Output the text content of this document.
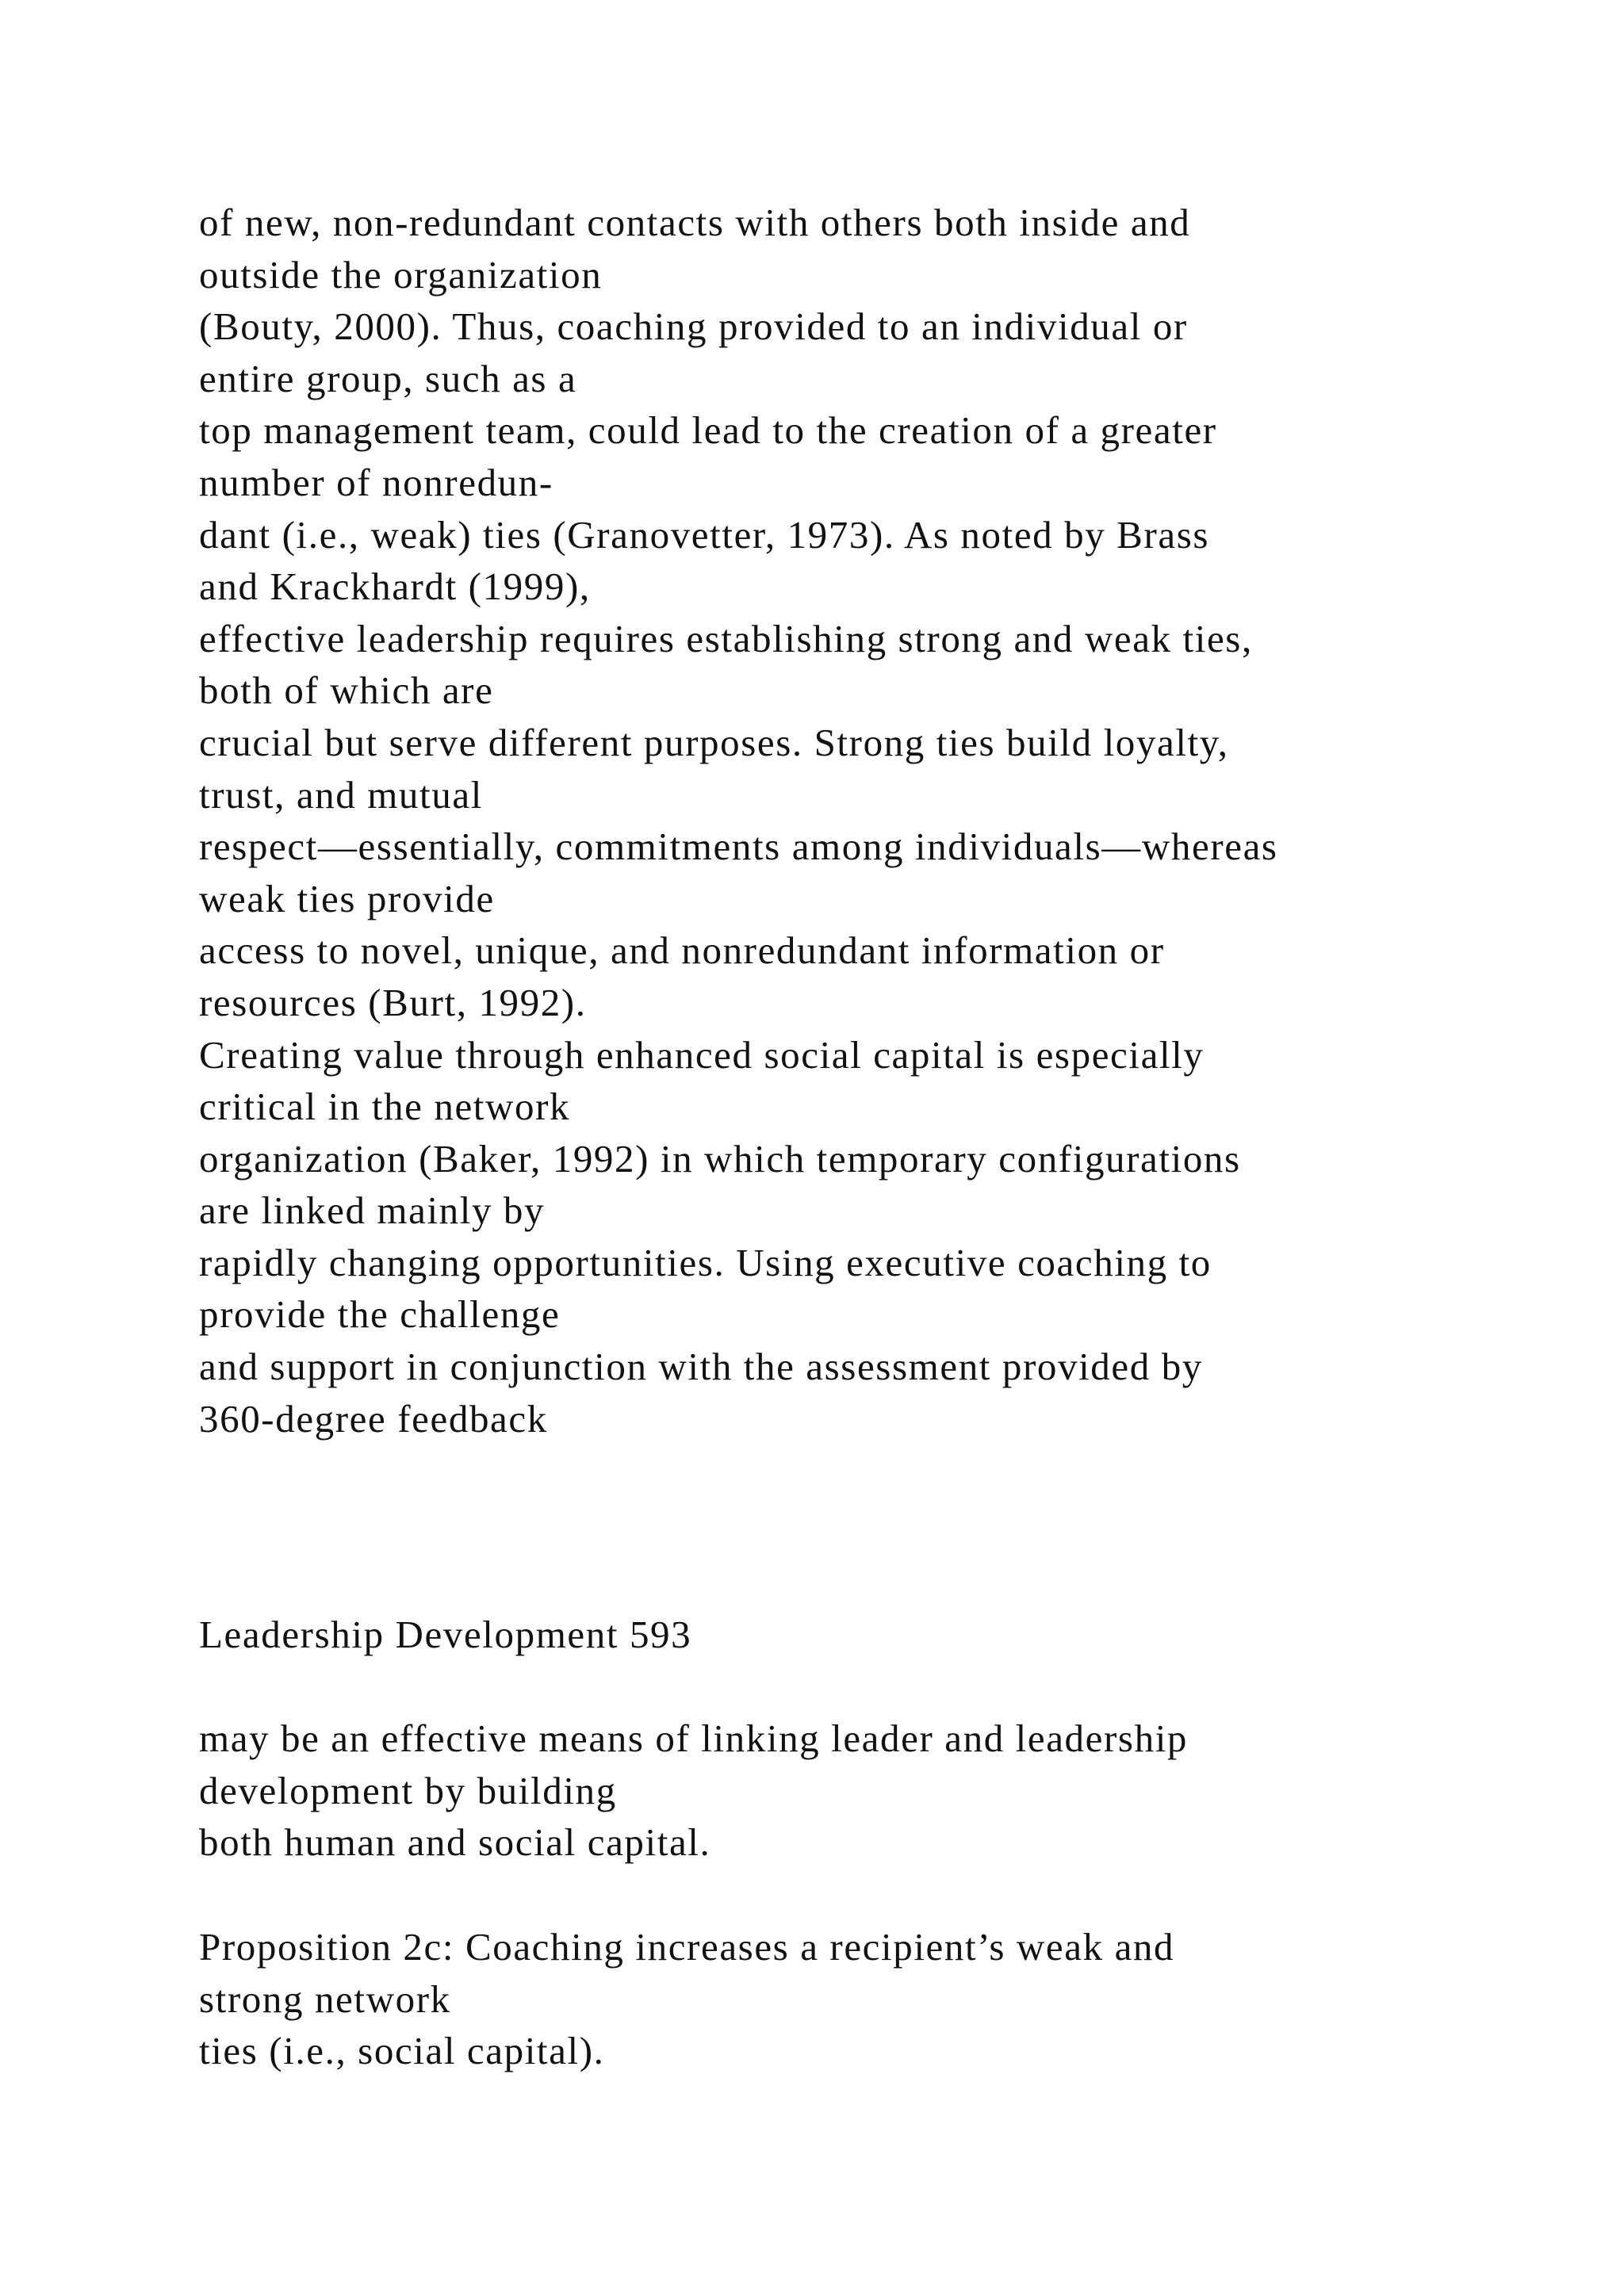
of new, non-redundant contacts with others both inside and
outside the organization
(Bouty, 2000). Thus, coaching provided to an individual or
entire group, such as a
top management team, could lead to the creation of a greater
number of nonredun-
dant (i.e., weak) ties (Granovetter, 1973). As noted by Brass
and Krackhardt (1999),
effective leadership requires establishing strong and weak ties,
both of which are
crucial but serve different purposes. Strong ties build loyalty,
trust, and mutual
respect—essentially, commitments among individuals—whereas
weak ties provide
access to novel, unique, and nonredundant information or
resources (Burt, 1992).
Creating value through enhanced social capital is especially
critical in the network
organization (Baker, 1992) in which temporary configurations
are linked mainly by
rapidly changing opportunities. Using executive coaching to
provide the challenge
and support in conjunction with the assessment provided by
360-degree feedback
Leadership Development 593
may be an effective means of linking leader and leadership
development by building
both human and social capital.
Proposition 2c: Coaching increases a recipient’s weak and
strong network
ties (i.e., social capital).
